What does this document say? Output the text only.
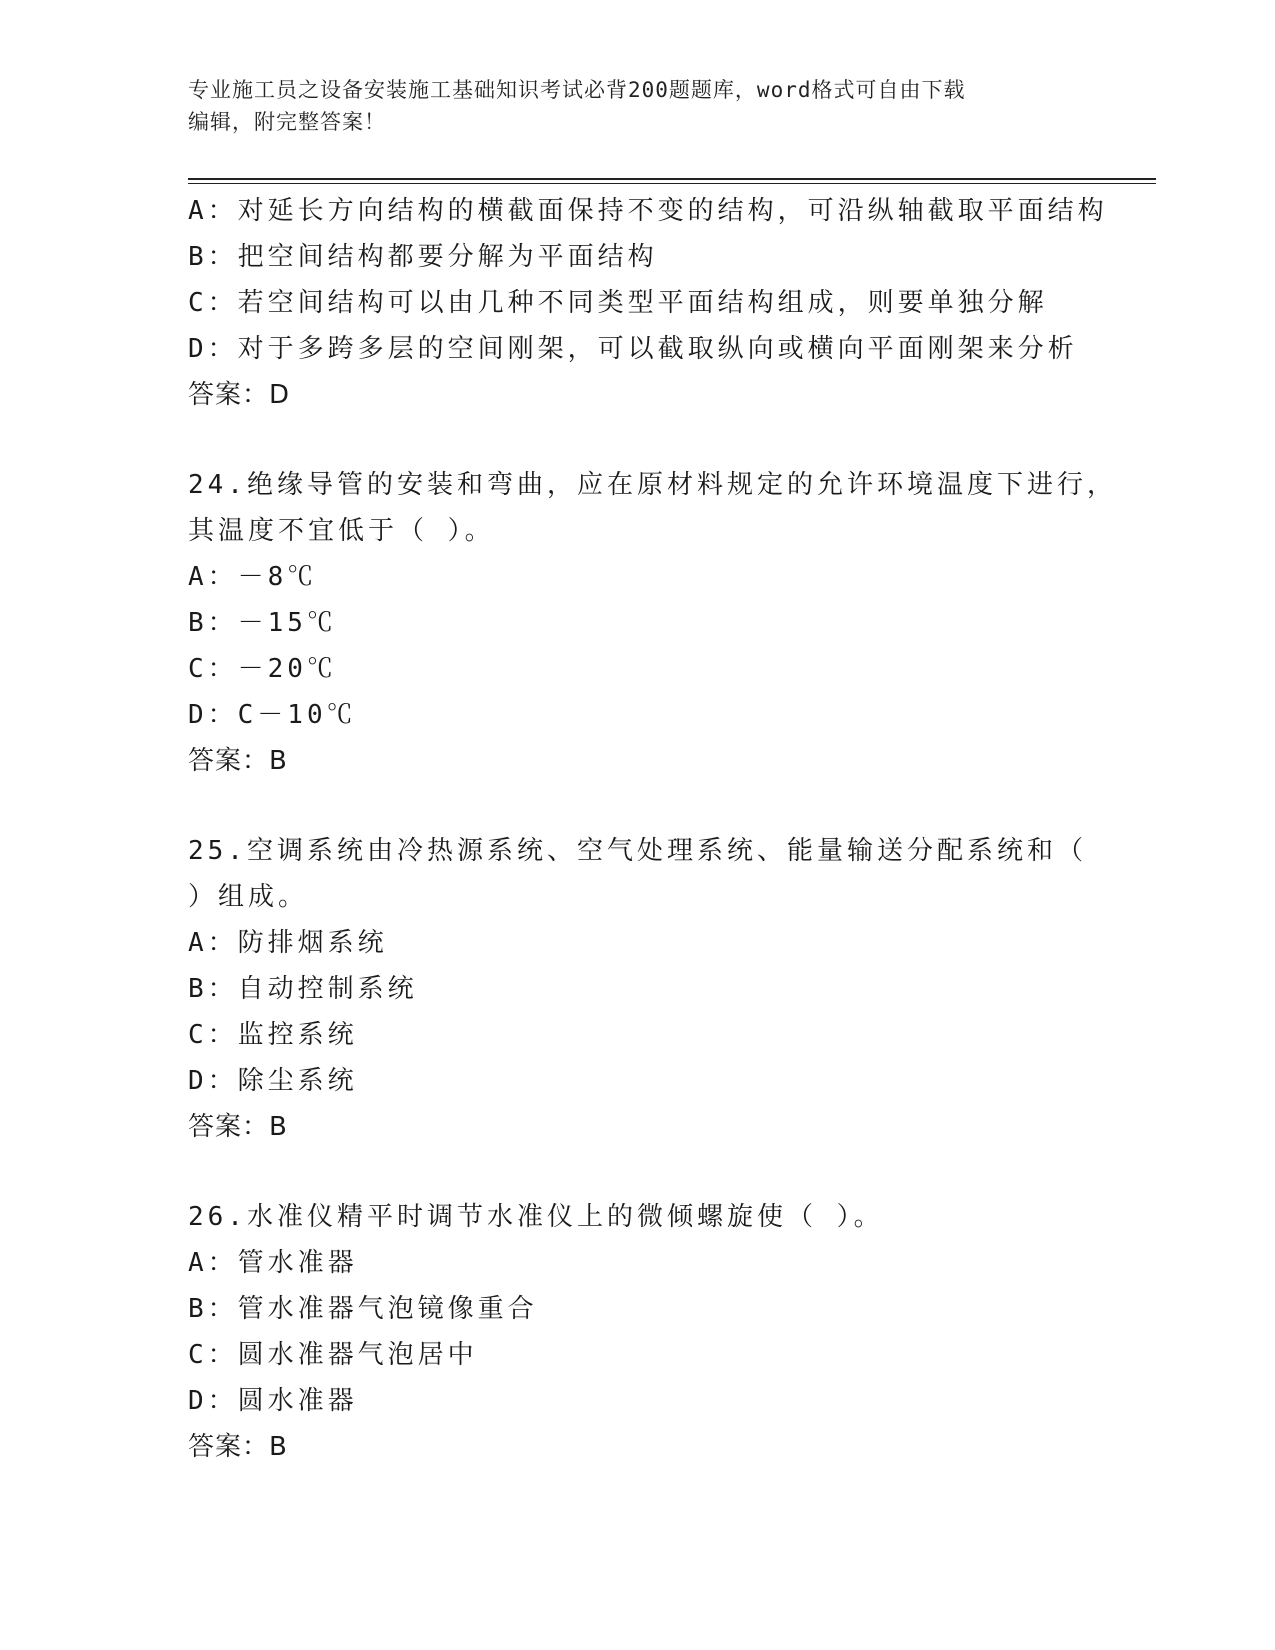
专业施工员之设备安装施工基础知识考试必背200题题库，word格式可自由下载
编辑，附完整答案！
A：对延长方向结构的横截面保持不变的结构，可沿纵轴截取平面结构
B：把空间结构都要分解为平面结构
C：若空间结构可以由几种不同类型平面结构组成，则要单独分解
D：对于多跨多层的空间刚架，可以截取纵向或横向平面刚架来分析
答案：D
24.绝缘导管的安装和弯曲，应在原材料规定的允许环境温度下进行，
其温度不宜低于（ ）。
A：－8℃
B：－15℃
C：－20℃
D：C－10℃
答案：B
25.空调系统由冷热源系统、空气处理系统、能量输送分配系统和（
）组成。
A：防排烟系统
B：自动控制系统
C：监控系统
D：除尘系统
答案：B
26.水准仪精平时调节水准仪上的微倾螺旋使（ ）。
A：管水准器
B：管水准器气泡镜像重合
C：圆水准器气泡居中
D：圆水准器
答案：B
